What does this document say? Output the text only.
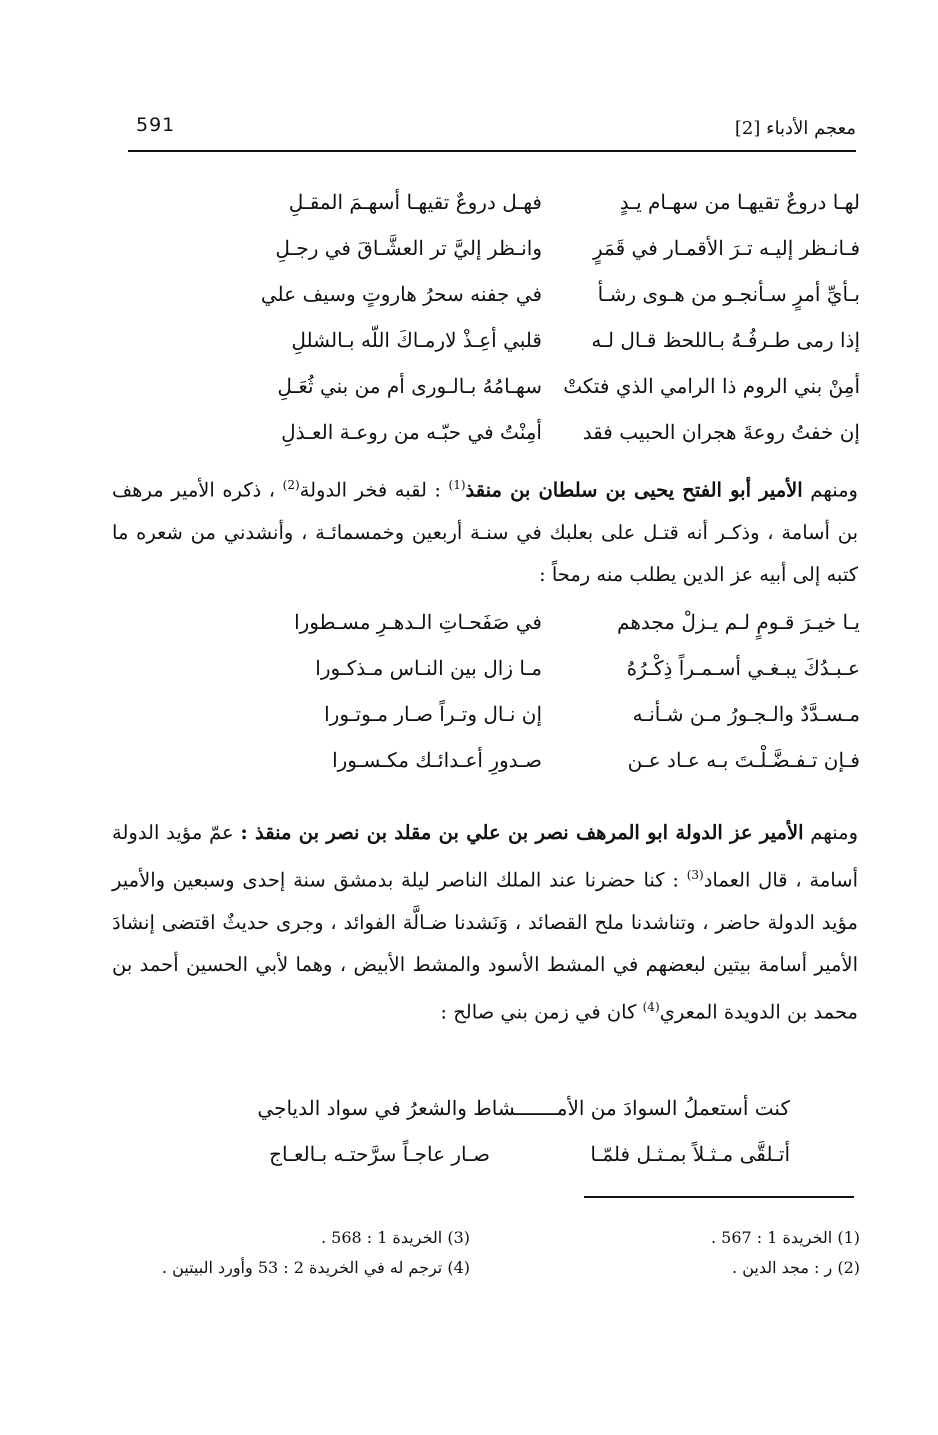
591	معجم الأدباء [2]
لهـا دروعٌ تقيهـا من سهـام يـدٍ
فهـل دروعٌ تقيهـا أسهـمَ المقـلِ
فـانـظر إليـه تـرَ الأقمـار في قَمَرٍ
وانـظر إليَّ تر العشَّـاقَ في رجـلِ
بـأيِّ أمرٍ سـأنجـو من هـوى رشـأ
في جفنه سحرُ هاروتٍ وسيف علي
إذا رمى طـرفُـهُ بـاللحظ قـال لـه
قلبي أعِـذْ لارمـاكَ اللّه بـالشللِ
أمِنْ بني الروم ذا الرامي الذي فتكتْ
سهـامُهُ بـالـورى أم من بني ثُعَـلِ
إن خفتُ روعةَ هجران الحبيب فقد
أمِنْتُ في حبّـه من روعـة العـذلِ

ومنهم الأمير أبو الفتح يحيى بن سلطان بن منقذ$^{(1)}$ : لقبه فخر الدولة$^{(2)}$ ، ذكره الأمير مرهف بن أسامة ، وذكـر أنه قتـل على بعلبك في سنـة أربعين وخمسمائـة ، وأنشدني من شعره ما كتبه إلى أبيه عز الدين يطلب منه رمحاً :

يـا خيـرَ قـومٍ لـم يـزلْ مجدهم
في صَفَحـاتِ الـدهـرِ مسـطورا
عـبـدُكَ يبـغـي أسـمـراً ذِكْـرُهُ
مـا زال بين النـاس مـذكـورا
مـسـدَّدٌ والـجـورُ مـن شـأنـه
إن نـال وتـراً صـار مـوتـورا
فـإن تـفـضَّـلْـتَ بـه عـاد عـن
صـدورِ أعـدائـك مكـسـورا

ومنهم الأمير عز الدولة ابو المرهف نصر بن علي بن مقلد بن نصر بن منقذ : عمّ مؤيد الدولة أسامة ، قال العماد$^{(3)}$ : كنا حضرنا عند الملك الناصر ليلة بدمشق سنة إحدى وسبعين والأمير مؤيد الدولة حاضر ، وتناشدنا ملح القصائد ، وَنَشدنا ضـالَّة الفوائد ، وجرى حديثٌ اقتضى إنشادَ الأمير أسامة بيتين لبعضهم في المشط الأسود والمشط الأبيض ، وهما لأبي الحسين أحمد بن محمد بن الدويدة المعري$^{(4)}$ كان في زمن بني صالح :

كنت أستعملُ السوادَ من الأمـــــــشاط والشعرُ في سواد الدياجي
أتـلقَّى مـثـلاً بمـثـل فلمّـا
صـار عاجـاً سرَّحتـه بـالعـاج
(1) الخريدة 1 : 567 .
(3) الخريدة 1 : 568 .
(2) ر : مجد الدين .
(4) ترجم له في الخريدة 2 : 53 وأورد البيتين .
